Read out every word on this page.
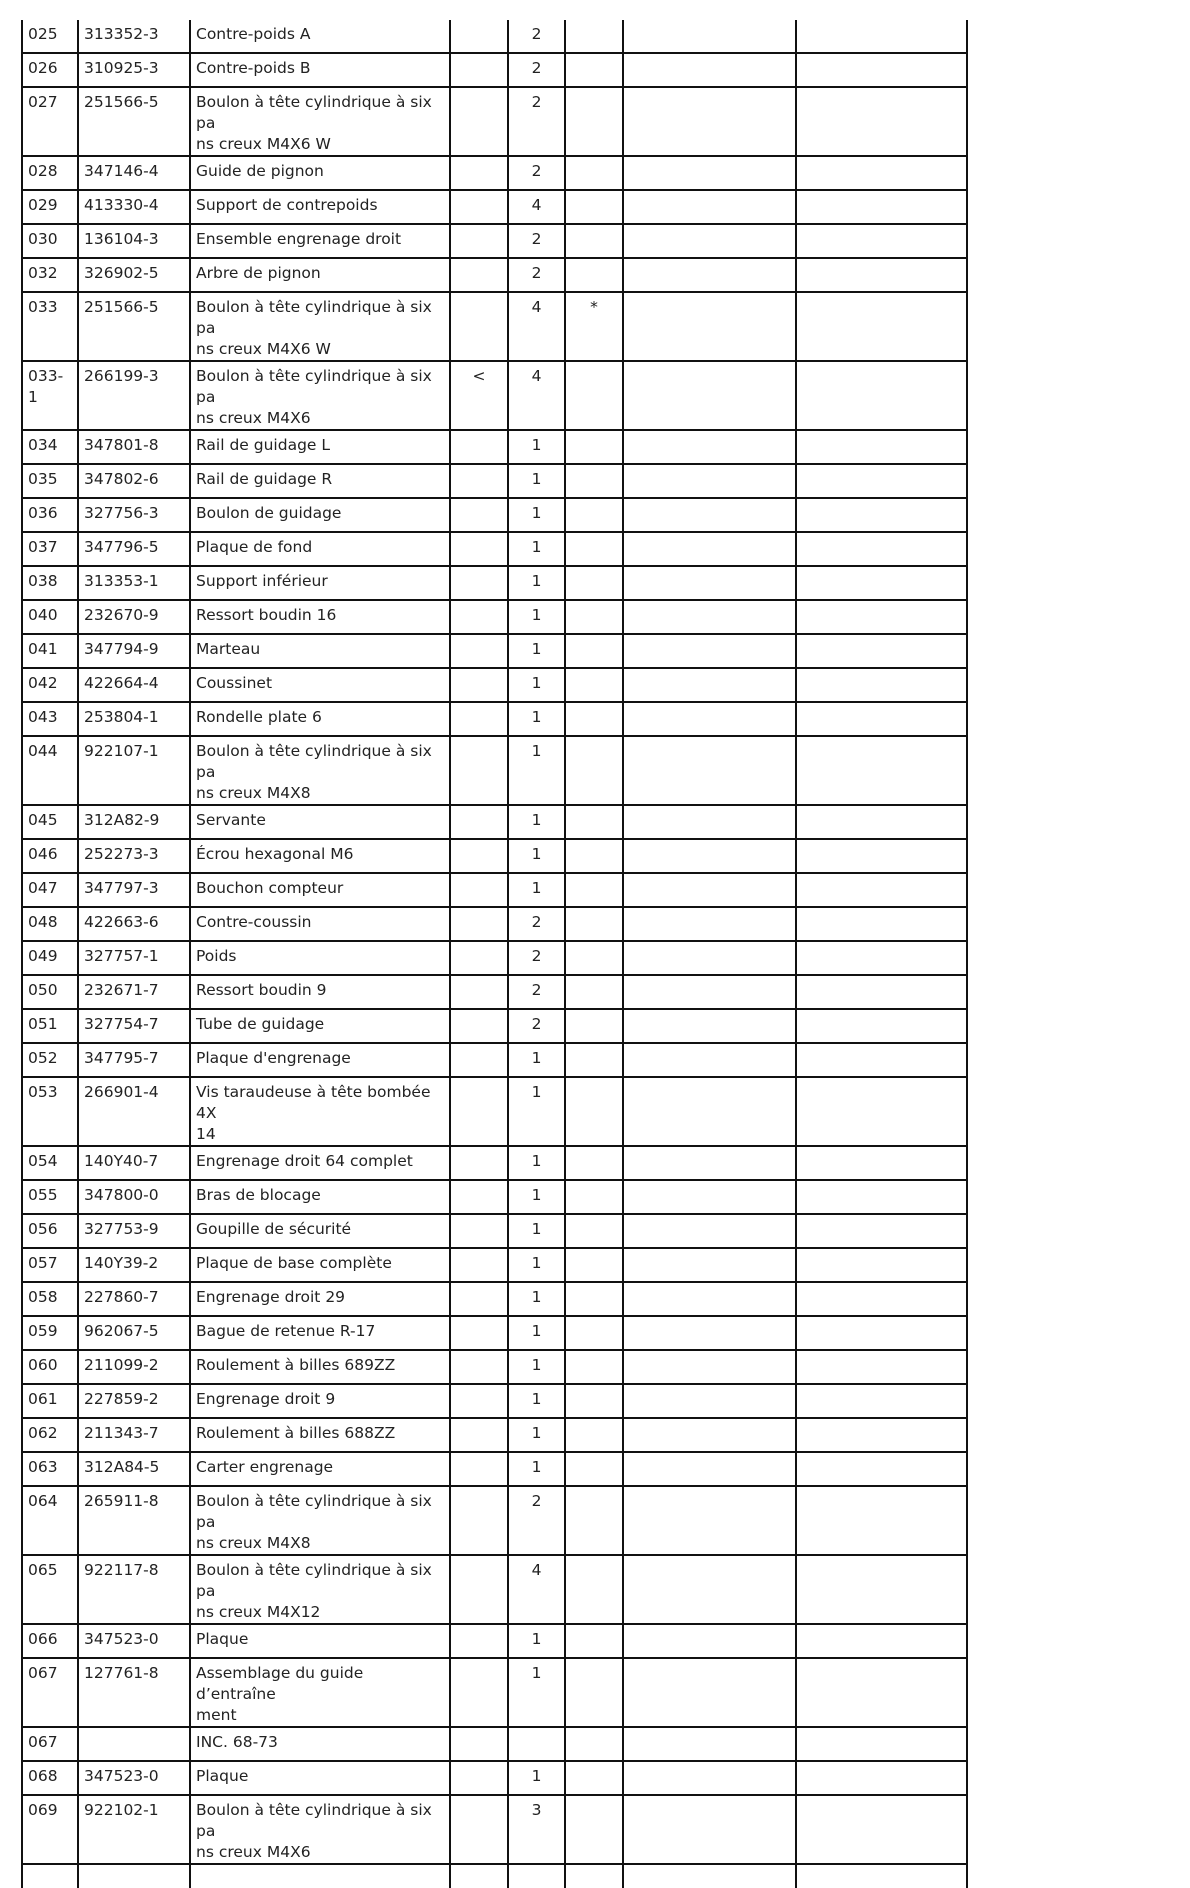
025	313352-3	Contre-poids A		2			
026	310925-3	Contre-poids B		2			
027	251566-5	Boulon à tête cylindrique à six pa
ns creux M4X6 W		2			
028	347146-4	Guide de pignon		2			
029	413330-4	Support de contrepoids		4			
030	136104-3	Ensemble engrenage droit		2			
032	326902-5	Arbre de pignon		2			
033	251566-5	Boulon à tête cylindrique à six pa
ns creux M4X6 W		4	*		
033-1	266199-3	Boulon à tête cylindrique à six pa
ns creux M4X6	<	4			
034	347801-8	Rail de guidage L		1			
035	347802-6	Rail de guidage R		1			
036	327756-3	Boulon de guidage		1			
037	347796-5	Plaque de fond		1			
038	313353-1	Support inférieur		1			
040	232670-9	Ressort boudin 16		1			
041	347794-9	Marteau		1			
042	422664-4	Coussinet		1			
043	253804-1	Rondelle plate 6		1			
044	922107-1	Boulon à tête cylindrique à six pa
ns creux M4X8		1			
045	312A82-9	Servante		1			
046	252273-3	Écrou hexagonal M6		1			
047	347797-3	Bouchon compteur		1			
048	422663-6	Contre-coussin		2			
049	327757-1	Poids		2			
050	232671-7	Ressort boudin 9		2			
051	327754-7	Tube de guidage		2			
052	347795-7	Plaque d'engrenage		1			
053	266901-4	Vis taraudeuse à tête bombée 4X
14		1			
054	140Y40-7	Engrenage droit 64 complet		1			
055	347800-0	Bras de blocage		1			
056	327753-9	Goupille de sécurité		1			
057	140Y39-2	Plaque de base complète		1			
058	227860-7	Engrenage droit 29		1			
059	962067-5	Bague de retenue R-17		1			
060	211099-2	Roulement à billes 689ZZ		1			
061	227859-2	Engrenage droit 9		1			
062	211343-7	Roulement à billes 688ZZ		1			
063	312A84-5	Carter engrenage		1			
064	265911-8	Boulon à tête cylindrique à six pa
ns creux M4X8		2			
065	922117-8	Boulon à tête cylindrique à six pa
ns creux M4X12		4			
066	347523-0	Plaque		1			
067	127761-8	Assemblage du guide d’entraîne
ment		1			
067		INC. 68-73					
068	347523-0	Plaque		1			
069	922102-1	Boulon à tête cylindrique à six pa
ns creux M4X6		3			
